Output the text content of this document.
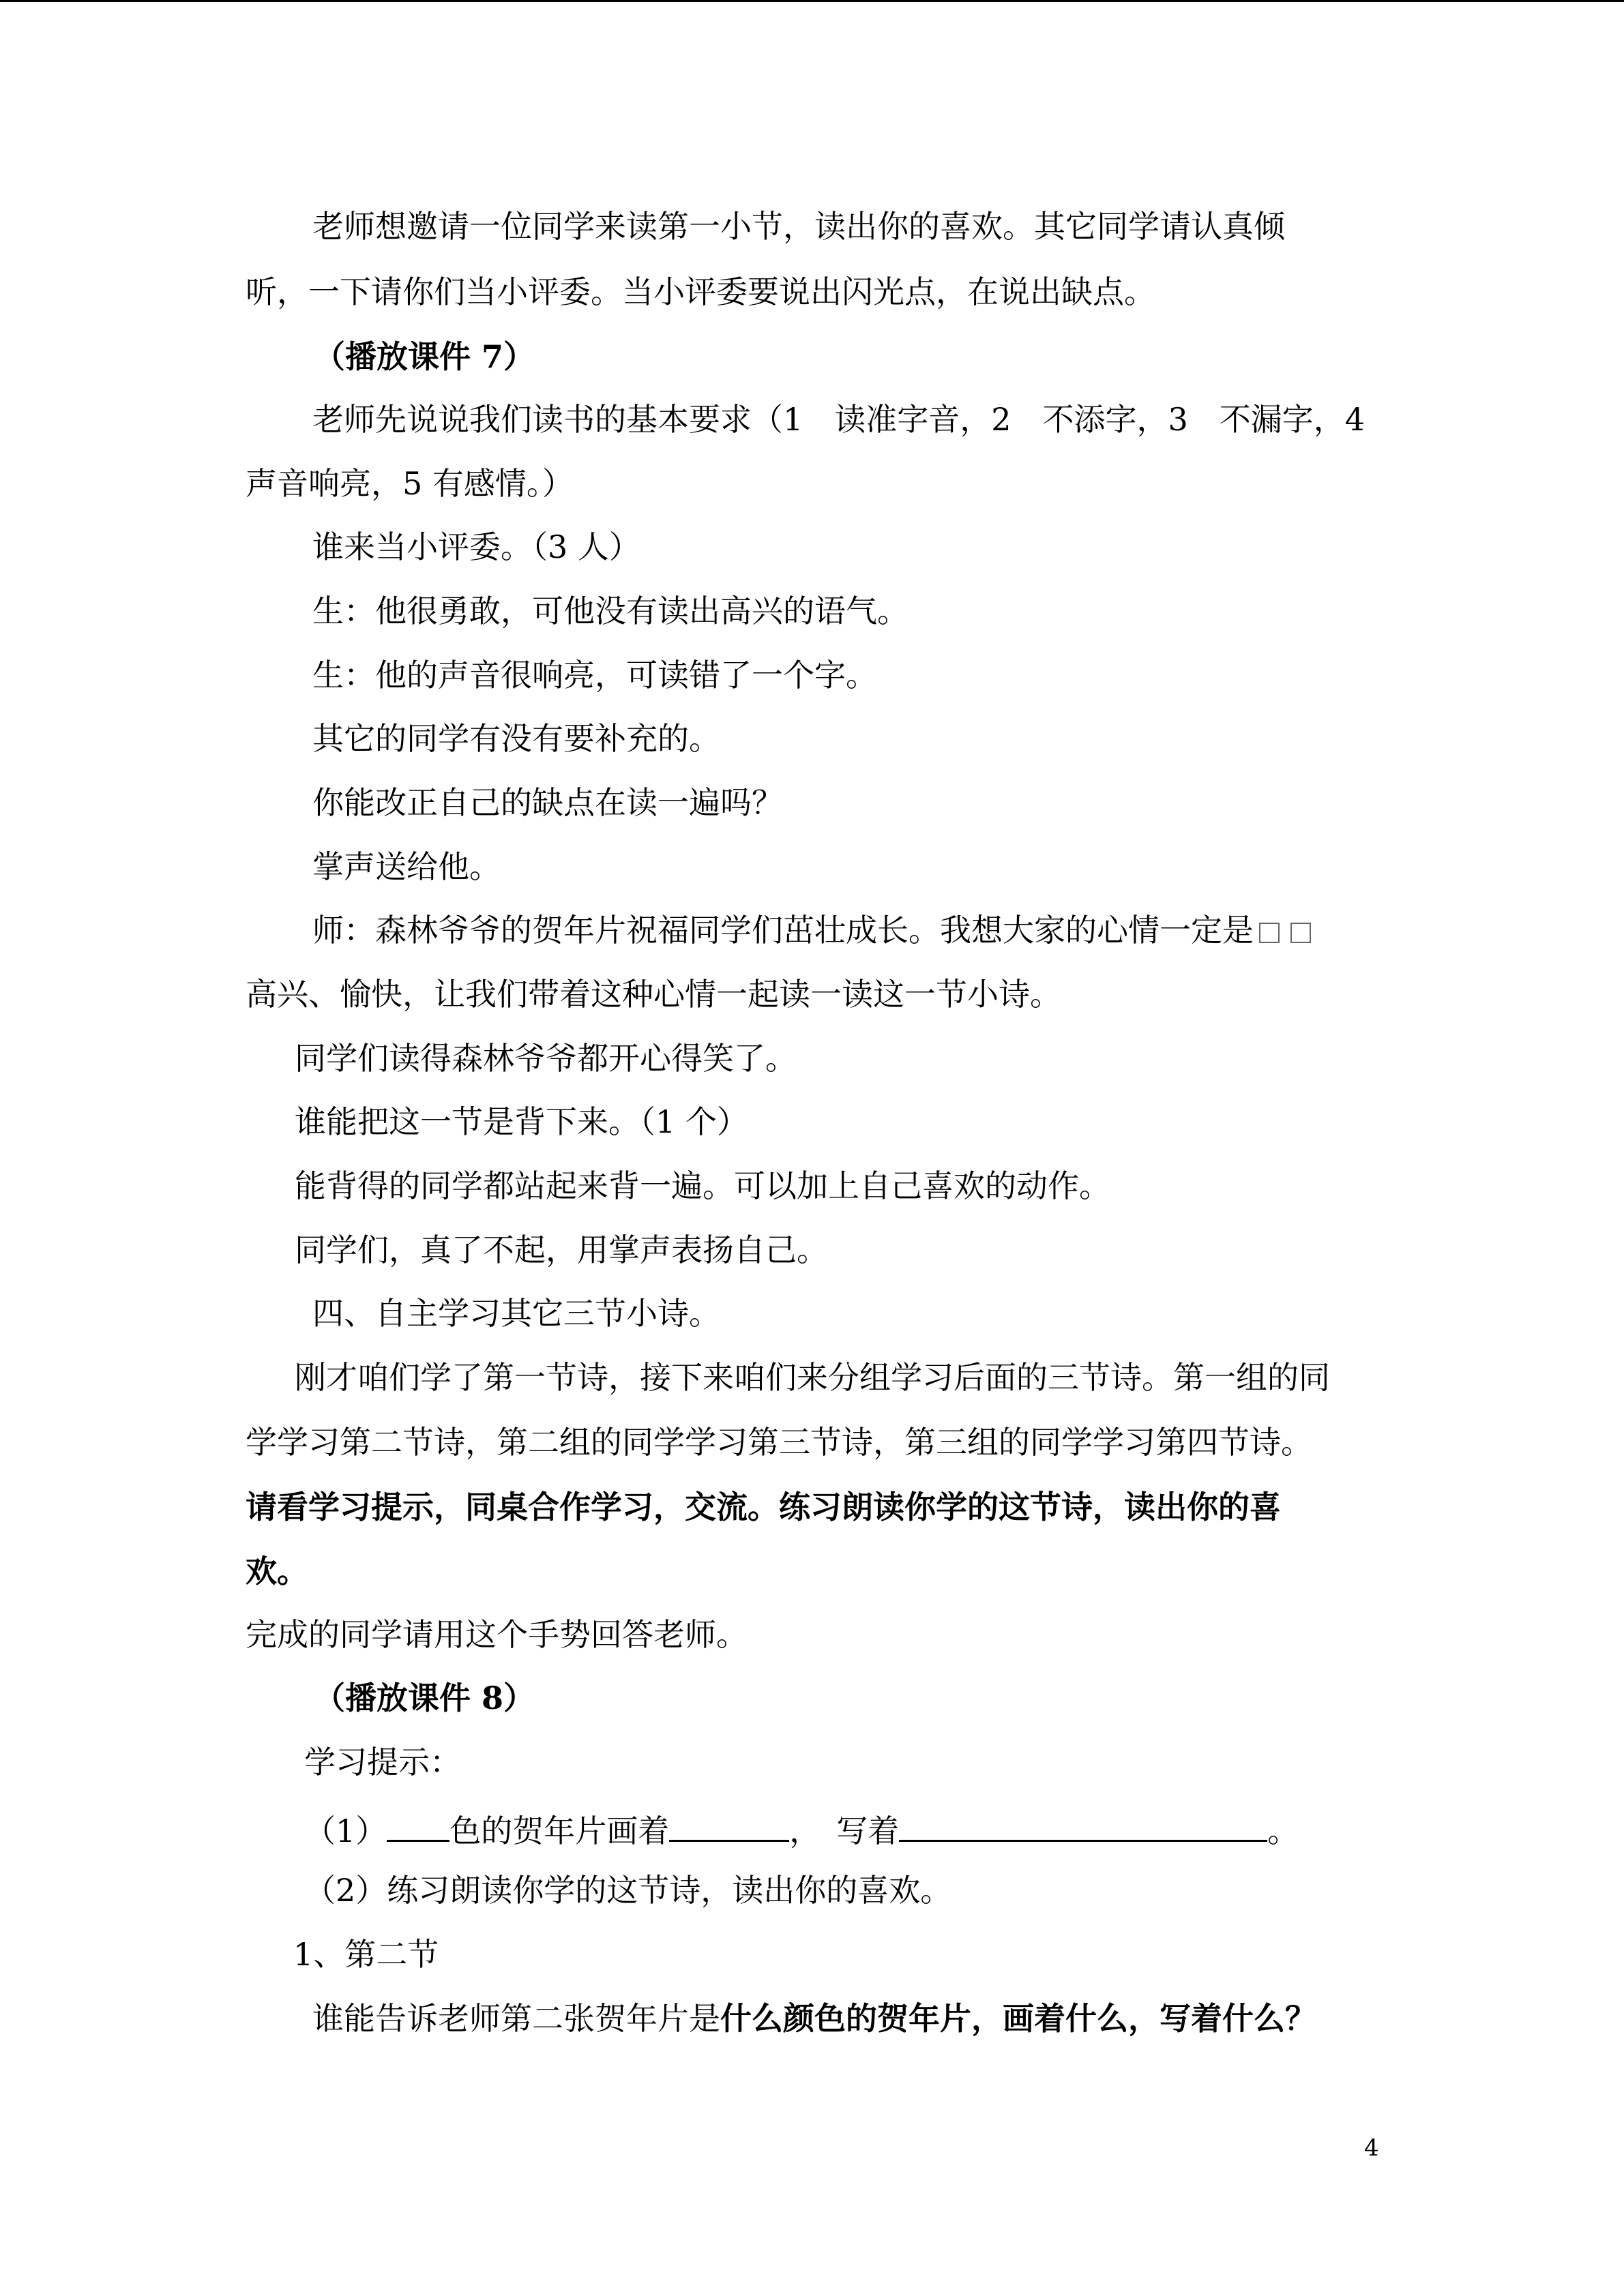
老师想邀请一位同学来读第一小节，读出你的喜欢。其它同学请认真倾
听，一下请你们当小评委。当小评委要说出闪光点，在说出缺点。
（播放课件 7）
老师先说说我们读书的基本要求（1　读准字音，2　不添字，3　不漏字，4
声音响亮，5 有感情。）
谁来当小评委。（3 人）
生：他很勇敢，可他没有读出高兴的语气。
生：他的声音很响亮，可读错了一个字。
其它的同学有没有要补充的。
你能改正自己的缺点在读一遍吗？
掌声送给他。
师：森林爷爷的贺年片祝福同学们茁壮成长。我想大家的心情一定是
高兴、愉快，让我们带着这种心情一起读一读这一节小诗。
同学们读得森林爷爷都开心得笑了。
谁能把这一节是背下来。（1 个）
能背得的同学都站起来背一遍。可以加上自己喜欢的动作。
同学们，真了不起，用掌声表扬自己。
四、自主学习其它三节小诗。
刚才咱们学了第一节诗，接下来咱们来分组学习后面的三节诗。第一组的同
学学习第二节诗，第二组的同学学习第三节诗，第三组的同学学习第四节诗。
请看学习提示，同桌合作学习，交流。练习朗读你学的这节诗，读出你的喜
欢。
完成的同学请用这个手势回答老师。
（播放课件 8）
学习提示：
（1） 色的贺年片画着	，　写着	。
（2）练习朗读你学的这节诗，读出你的喜欢。
1、第二节
谁能告诉老师第二张贺年片是什么颜色的贺年片，画着什么，写着什么？
4
